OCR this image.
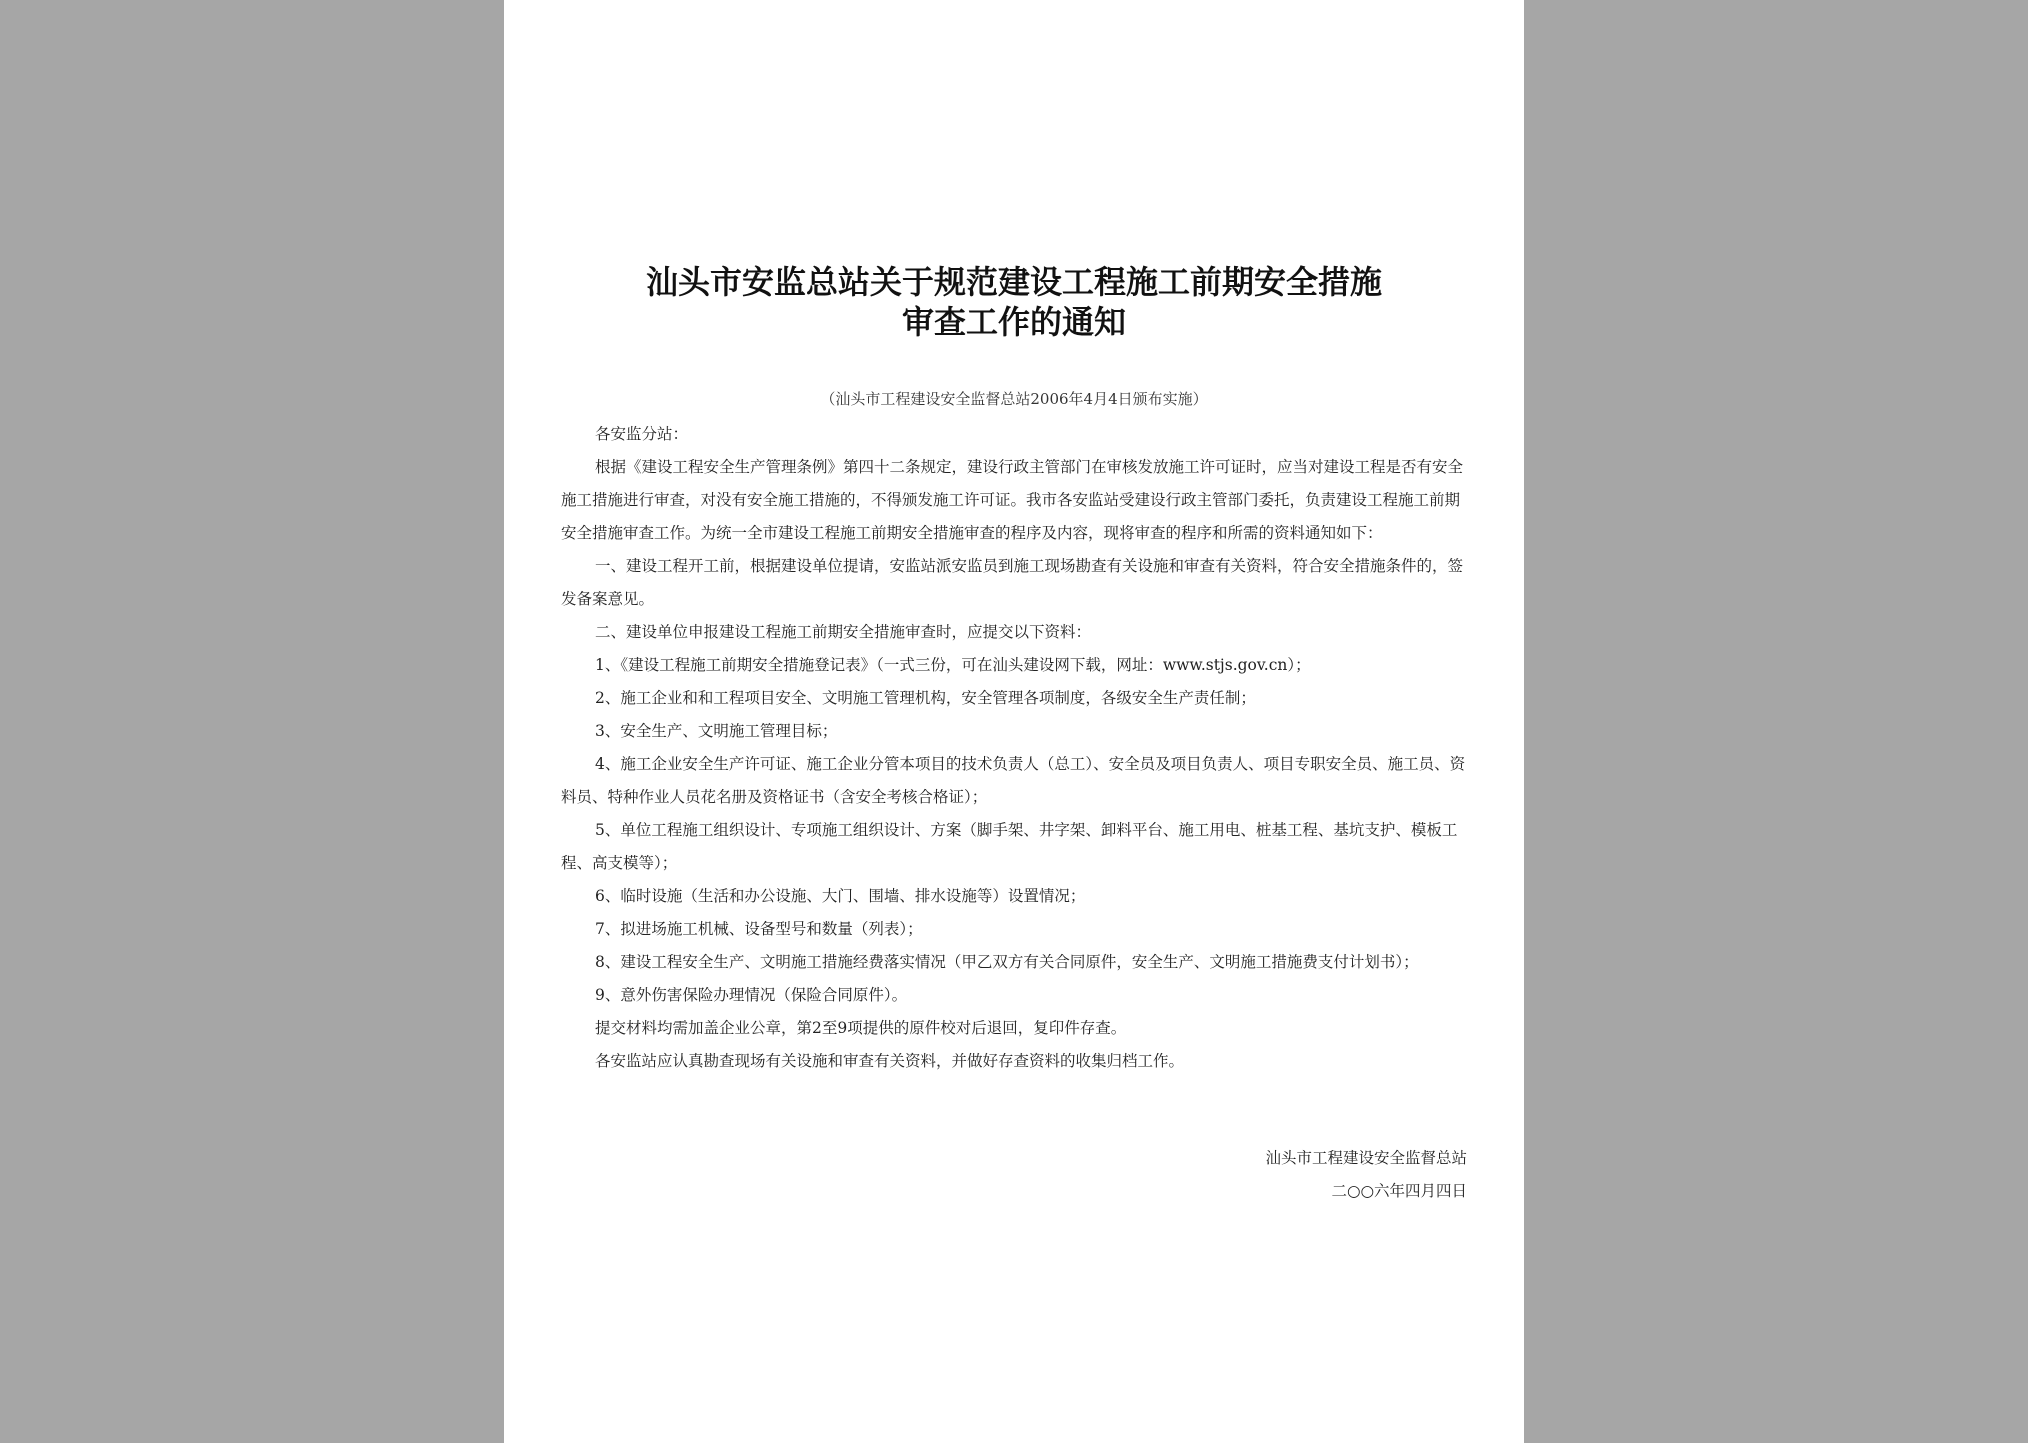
汕头市安监总站关于规范建设工程施工前期安全措施
审查工作的通知
（汕头市工程建设安全监督总站2006年4月4日颁布实施）

各安监分站：

根据《建设工程安全生产管理条例》第四十二条规定，建设行政主管部门在审核发放施工许可证时，应当对建设工程是否有安全施工措施进行审查，对没有安全施工措施的，不得颁发施工许可证。我市各安监站受建设行政主管部门委托，负责建设工程施工前期安全措施审查工作。为统一全市建设工程施工前期安全措施审查的程序及内容，现将审查的程序和所需的资料通知如下：

一、建设工程开工前，根据建设单位提请，安监站派安监员到施工现场勘查有关设施和审查有关资料，符合安全措施条件的，签发备案意见。

二、建设单位申报建设工程施工前期安全措施审查时，应提交以下资料：

1、《建设工程施工前期安全措施登记表》（一式三份，可在汕头建设网下载，网址：www.stjs.gov.cn）；

2、施工企业和和工程项目安全、文明施工管理机构，安全管理各项制度，各级安全生产责任制；

3、安全生产、文明施工管理目标；

4、施工企业安全生产许可证、施工企业分管本项目的技术负责人（总工）、安全员及项目负责人、项目专职安全员、施工员、资料员、特种作业人员花名册及资格证书（含安全考核合格证）；

5、单位工程施工组织设计、专项施工组织设计、方案（脚手架、井字架、卸料平台、施工用电、桩基工程、基坑支护、模板工程、高支模等）；

6、临时设施（生活和办公设施、大门、围墙、排水设施等）设置情况；

7、拟进场施工机械、设备型号和数量（列表）；

8、建设工程安全生产、文明施工措施经费落实情况（甲乙双方有关合同原件，安全生产、文明施工措施费支付计划书）；

9、意外伤害保险办理情况（保险合同原件）。

提交材料均需加盖企业公章，第2至9项提供的原件校对后退回，复印件存查。

各安监站应认真勘查现场有关设施和审查有关资料，并做好存查资料的收集归档工作。

汕头市工程建设安全监督总站
二○○六年四月四日
